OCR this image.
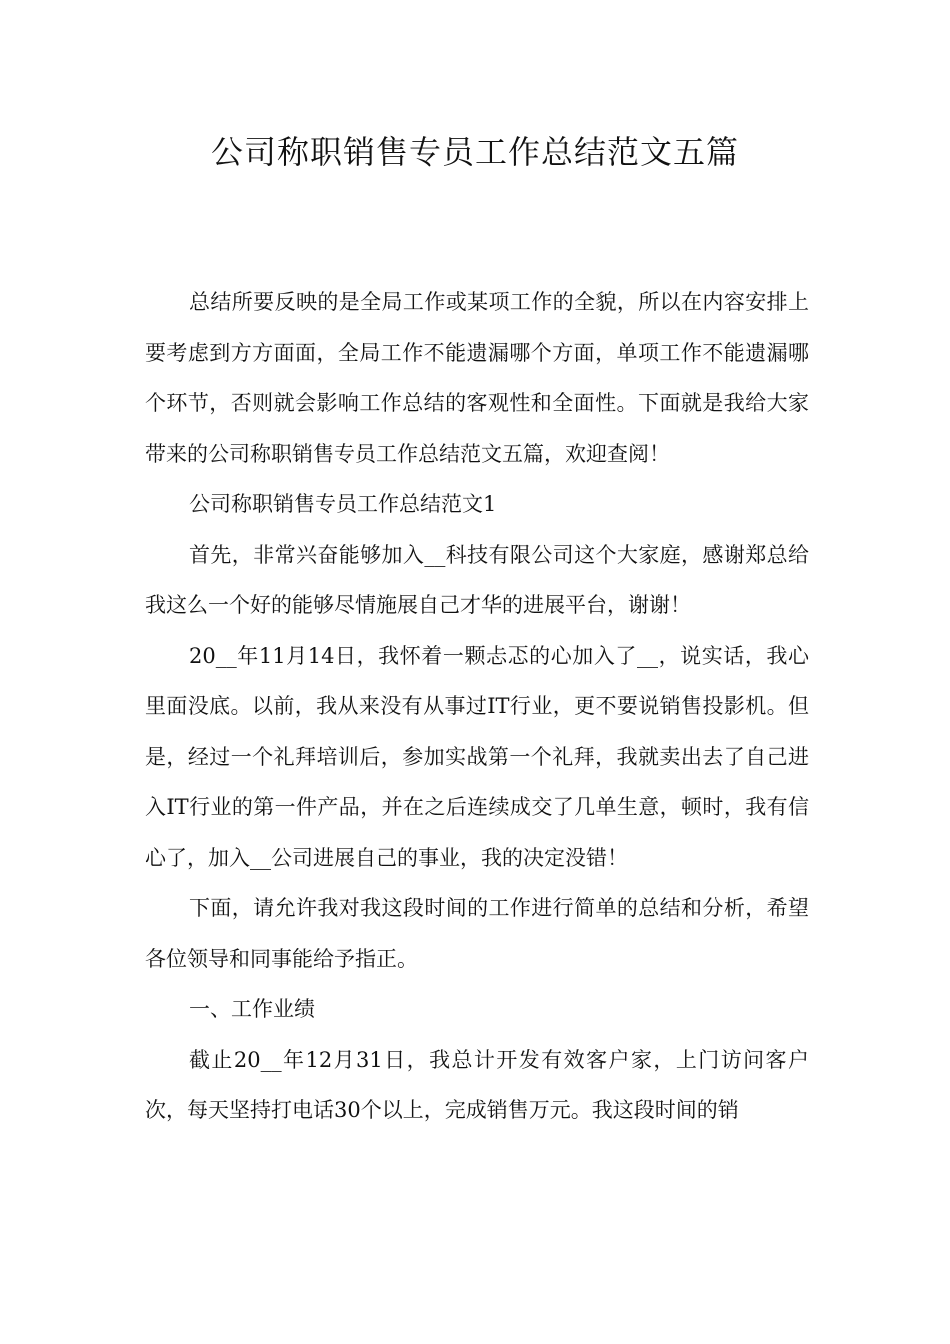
公司称职销售专员工作总结范文五篇

总结所要反映的是全局工作或某项工作的全貌，所以在内容安排上要考虑到方方面面，全局工作不能遗漏哪个方面，单项工作不能遗漏哪个环节，否则就会影响工作总结的客观性和全面性。下面就是我给大家带来的公司称职销售专员工作总结范文五篇，欢迎查阅！

公司称职销售专员工作总结范文1

首先，非常兴奋能够加入__科技有限公司这个大家庭，感谢郑总给我这么一个好的能够尽情施展自己才华的进展平台，谢谢！

20__年11月14日，我怀着一颗忐忑的心加入了__，说实话，我心里面没底。以前，我从来没有从事过IT行业，更不要说销售投影机。但是，经过一个礼拜培训后，参加实战第一个礼拜，我就卖出去了自己进入IT行业的第一件产品，并在之后连续成交了几单生意，顿时，我有信心了，加入__公司进展自己的事业，我的决定没错！

下面，请允许我对我这段时间的工作进行简单的总结和分析，希望各位领导和同事能给予指正。

一、工作业绩

截止20__年12月31日，我总计开发有效客户家，上门访问客户次，每天坚持打电话30个以上，完成销售万元。我这段时间的销
